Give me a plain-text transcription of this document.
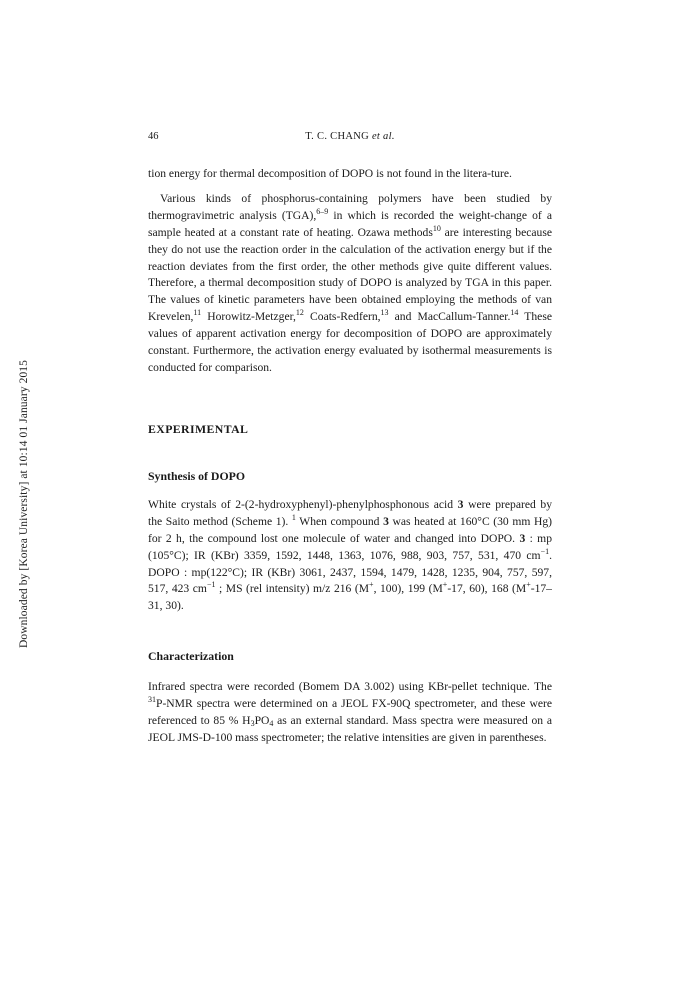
Downloaded by [Korea University] at 10:14 01 January 2015
46	T. C. CHANG et al.

tion energy for thermal decomposition of DOPO is not found in the litera-ture.

Various kinds of phosphorus-containing polymers have been studied by thermogravimetric analysis (TGA),$^{6-9}$ in which is recorded the weight-change of a sample heated at a constant rate of heating. Ozawa methods$^{10}$ are interesting because they do not use the reaction order in the calculation of the activation energy but if the reaction deviates from the first order, the other methods give quite different values. Therefore, a thermal decomposition study of DOPO is analyzed by TGA in this paper. The values of kinetic parameters have been obtained employing the methods of van Krevelen,$^{11}$ Horowitz-Metzger,$^{12}$ Coats-Redfern,$^{13}$ and MacCallum-Tanner.$^{14}$ These values of apparent activation energy for decomposition of DOPO are approximately constant. Furthermore, the activation energy evaluated by isothermal measurements is conducted for comparison.

EXPERIMENTAL
Synthesis of DOPO

White crystals of 2-(2-hydroxyphenyl)-phenylphosphonous acid 3 were prepared by the Saito method (Scheme 1). $^1$ When compound 3 was heated at 160°C (30 mm Hg) for 2 h, the compound lost one molecule of water and changed into DOPO. 3 : mp (105°C); IR (KBr) 3359, 1592, 1448, 1363, 1076, 988, 903, 757, 531, 470 $cm^{-1}$. DOPO : mp(122°C); IR (KBr) 3061, 2437, 1594, 1479, 1428, 1235, 904, 757, 597, 517, 423 $cm^{-1}$ ; MS (rel intensity) m/z 216 (M+, 100), 199 (M+-17, 60), 168 (M+-17–31, 30).

Characterization

Infrared spectra were recorded (Bomem DA 3.002) using KBr-pellet technique. The $^{31}$P-NMR spectra were determined on a JEOL FX-90Q spectrometer, and these were referenced to 85 % $H_3PO_4$ as an external standard. Mass spectra were measured on a JEOL JMS-D-100 mass spectrometer; the relative intensities are given in parentheses.
